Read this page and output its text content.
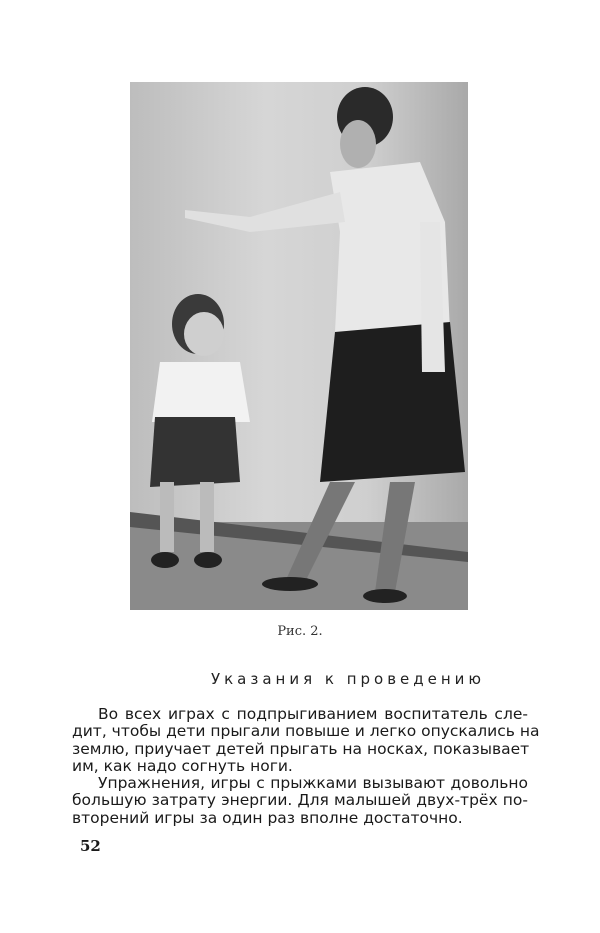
Рис. 2.
Указания к проведению
Во всех играх с подпрыгиванием воспитатель сле-
дит, чтобы дети прыгали повыше и легко опускались на
землю, приучает детей прыгать на носках, показывает
им, как надо согнуть ноги.
Упражнения, игры с прыжками вызывают довольно
большую затрату энергии. Для малышей двух-трёх по-
вторений игры за один раз вполне достаточно.
52
